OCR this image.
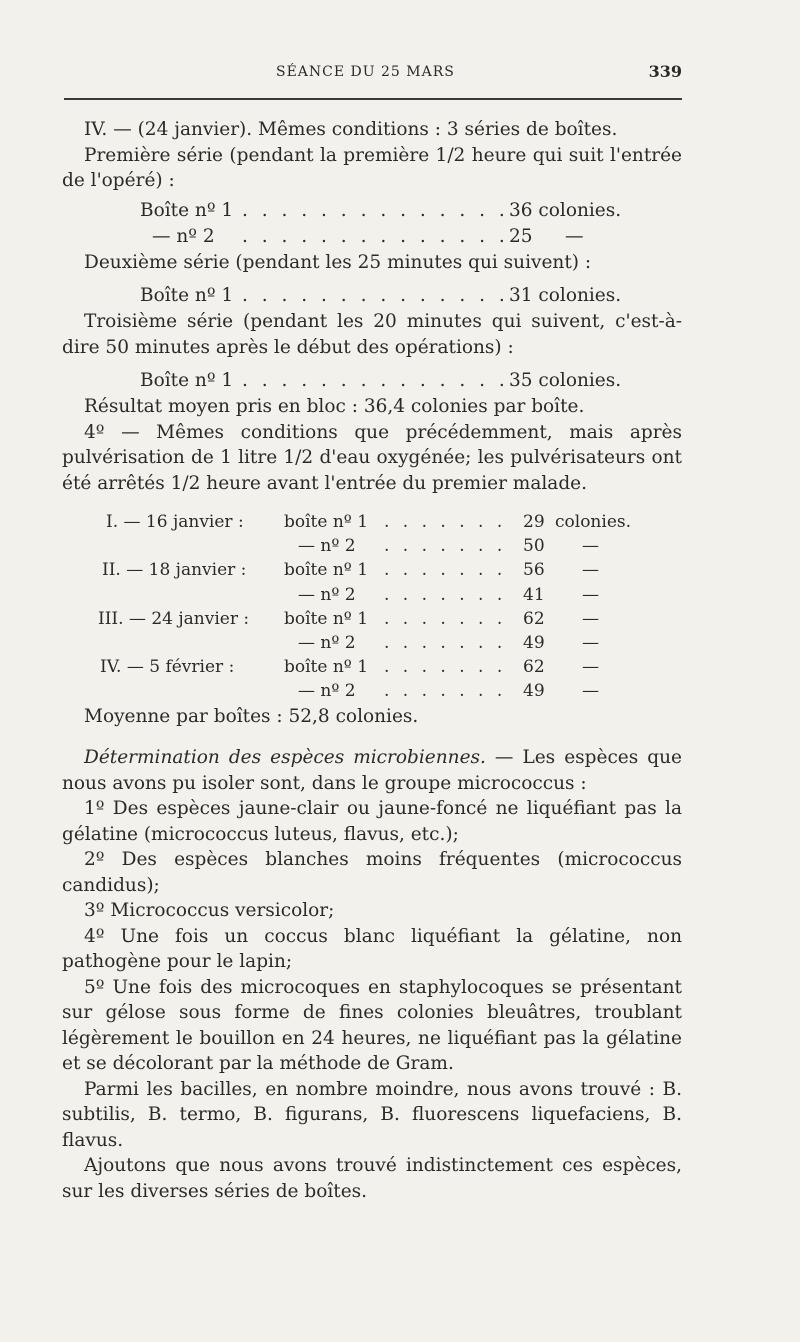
SÉANCE DU 25 MARS	339

IV. — (24 janvier). Mêmes conditions : 3 séries de boîtes.

Première série (pendant la première 1/2 heure qui suit l'entrée de l'opéré) :

Boîte nº 1 . . . . . . . . . . . . . . 36 colonies.
— nº 2 . . . . . . . . . . . . . . 25 —

Deuxième série (pendant les 25 minutes qui suivent) :

Boîte nº 1 . . . . . . . . . . . . . . 31 colonies.

Troisième série (pendant les 20 minutes qui suivent, c'est-à-dire 50 minutes après le début des opérations) :

Boîte nº 1 . . . . . . . . . . . . . . 35 colonies.

Résultat moyen pris en bloc : 36,4 colonies par boîte.

4º — Mêmes conditions que précédemment, mais après pulvérisation de 1 litre 1/2 d'eau oxygénée; les pulvérisateurs ont été arrêtés 1/2 heure avant l'entrée du premier malade.

I. — 16 janvier : boîte nº 1 . . . . . . . 29 colonies.
— nº 2 . . . . . . . 50 —
II. — 18 janvier : boîte nº 1 . . . . . . . 56 —
— nº 2 . . . . . . . 41 —
III. — 24 janvier : boîte nº 1 . . . . . . . 62 —
— nº 2 . . . . . . . 49 —
IV. — 5 février :	boîte nº 1 . . . . . . . 62 —
— nº 2 . . . . . . . 49 —

Moyenne par boîtes : 52,8 colonies.

Détermination des espèces microbiennes. — Les espèces que nous avons pu isoler sont, dans le groupe micrococcus :

1º Des espèces jaune-clair ou jaune-foncé ne liquéfiant pas la gélatine (micrococcus luteus, flavus, etc.);

2º Des espèces blanches moins fréquentes (micrococcus candidus);

3º Micrococcus versicolor;

4º Une fois un coccus blanc liquéfiant la gélatine, non pathogène pour le lapin;

5º Une fois des microcoques en staphylocoques se présentant sur gélose sous forme de fines colonies bleuâtres, troublant légèrement le bouillon en 24 heures, ne liquéfiant pas la gélatine et se décolorant par la méthode de Gram.

Parmi les bacilles, en nombre moindre, nous avons trouvé : B. subtilis, B. termo, B. figurans, B. fluorescens liquefaciens, B. flavus.

Ajoutons que nous avons trouvé indistinctement ces espèces, sur les diverses séries de boîtes.
